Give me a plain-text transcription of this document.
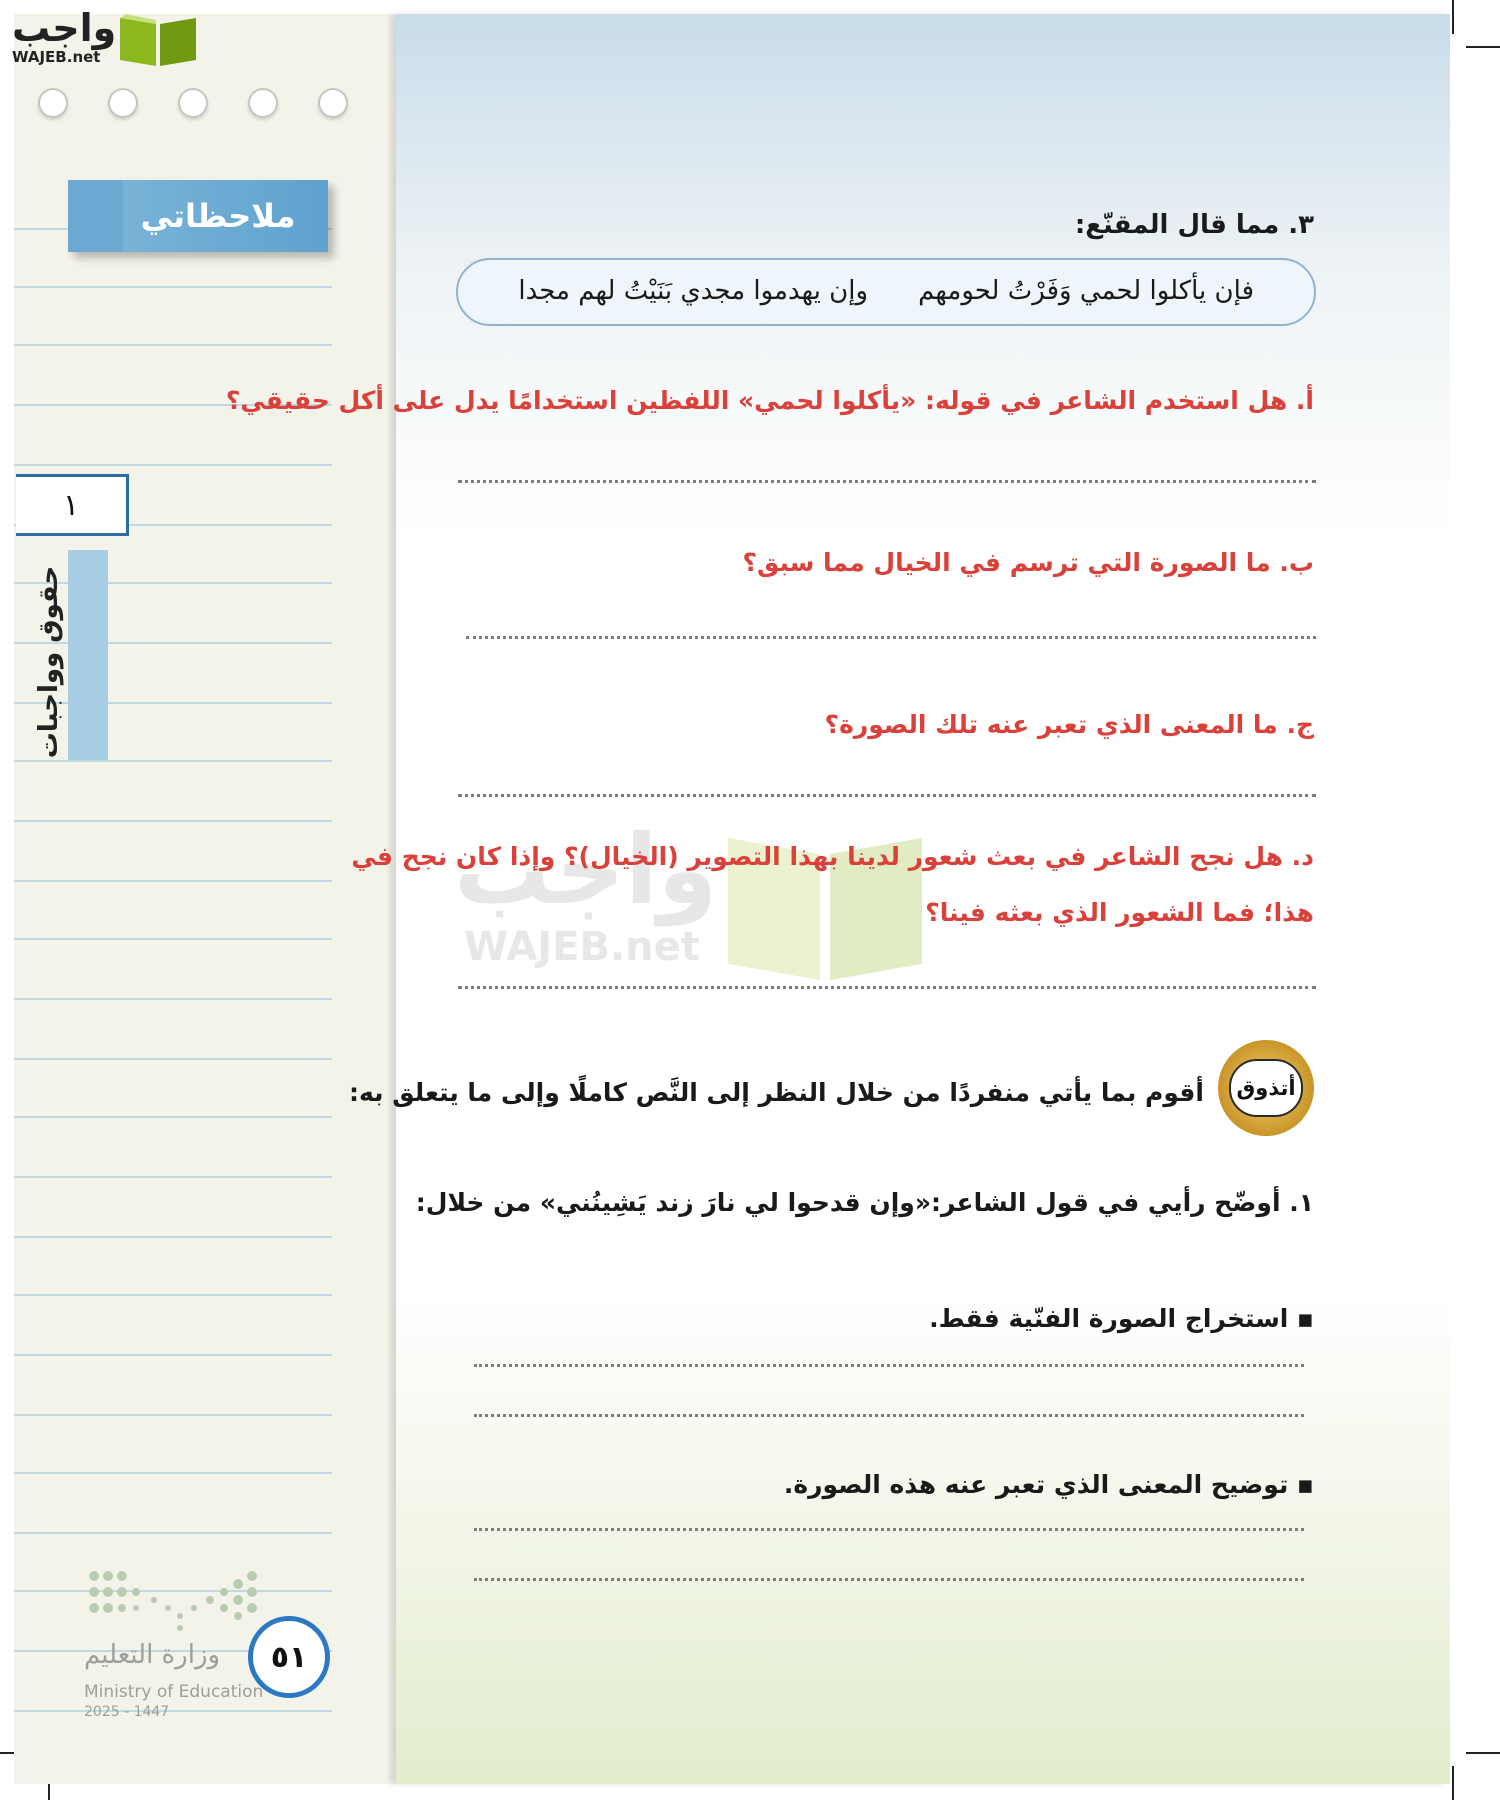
ملاحظاتي
١
حقوق وواجبات
وزارة التعليم
Ministry of Education
2025 - 1447
٥١
واجب
WAJEB.net
٣. مما قال المقنّع:
فإن يأكلوا لحمي وَفَرْتُ لحومهم
وإن يهدموا مجدي بَنَيْتُ لهم مجدا
أ. هل استخدم الشاعر في قوله: «يأكلوا لحمي» اللفظين استخدامًا يدل على أكل حقيقي؟
ب. ما الصورة التي ترسم في الخيال مما سبق؟
ج. ما المعنى الذي تعبر عنه تلك الصورة؟
واجب
WAJEB.net
د. هل نجح الشاعر في بعث شعور لدينا بهذا التصوير (الخيال)؟ وإذا كان نجح في
هذا؛ فما الشعور الذي بعثه فينا؟
أتذوق
أقوم بما يأتي منفردًا من خلال النظر إلى النَّص كاملًا وإلى ما يتعلق به:
١. أوضّح رأيي في قول الشاعر:«وإن قدحوا لي نارَ زند يَشِينُني» من خلال:
▪ استخراج الصورة الفنّية فقط.
▪ توضيح المعنى الذي تعبر عنه هذه الصورة.
